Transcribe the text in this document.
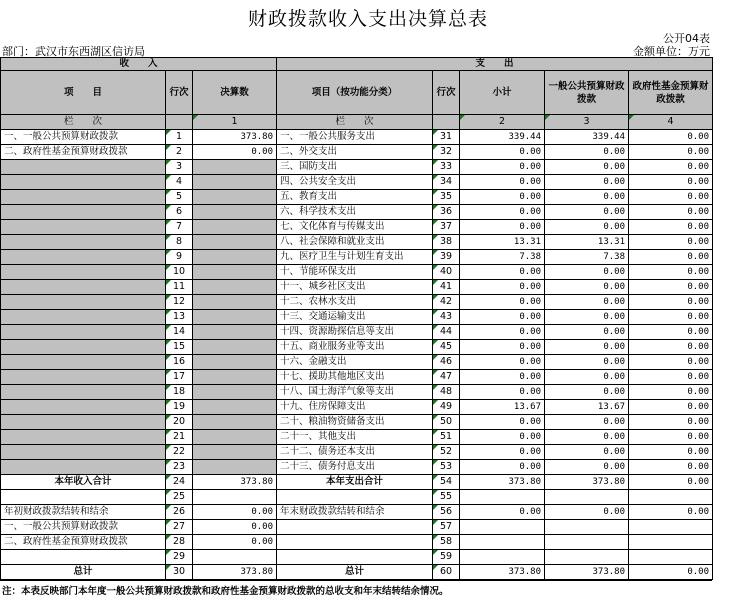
财政拨款收入支出决算总表
公开04表
部门：武汉市东西湖区信访局	金额单位：万元
收　　入			支　　出				
项　　目	行次	决算数	项目（按功能分类）	行次	小计	一般公共预算财政拨款	政府性基金预算财政拨款
栏　　次		1	栏　　次		2	3	4
一、一般公共预算财政拨款	1	373.80	一、一般公共服务支出	31	339.44	339.44	0.00
二、政府性基金预算财政拨款	2	0.00	二、外交支出	32	0.00	0.00	0.00
	3		三、国防支出	33	0.00	0.00	0.00
	4		四、公共安全支出	34	0.00	0.00	0.00
	5		五、教育支出	35	0.00	0.00	0.00
	6		六、科学技术支出	36	0.00	0.00	0.00
	7		七、文化体育与传媒支出	37	0.00	0.00	0.00
	8		八、社会保障和就业支出	38	13.31	13.31	0.00
	9		九、医疗卫生与计划生育支出	39	7.38	7.38	0.00
	10		十、节能环保支出	40	0.00	0.00	0.00
	11		十一、城乡社区支出	41	0.00	0.00	0.00
	12		十二、农林水支出	42	0.00	0.00	0.00
	13		十三、交通运输支出	43	0.00	0.00	0.00
	14		十四、资源勘探信息等支出	44	0.00	0.00	0.00
	15		十五、商业服务业等支出	45	0.00	0.00	0.00
	16		十六、金融支出	46	0.00	0.00	0.00
	17		十七、援助其他地区支出	47	0.00	0.00	0.00
	18		十八、国土海洋气象等支出	48	0.00	0.00	0.00
	19		十九、住房保障支出	49	13.67	13.67	0.00
	20		二十、粮油物资储备支出	50	0.00	0.00	0.00
	21		二十一、其他支出	51	0.00	0.00	0.00
	22		二十二、债务还本支出	52	0.00	0.00	0.00
	23		二十三、债务付息支出	53	0.00	0.00	0.00
本年收入合计	24	373.80	本年支出合计	54	373.80	373.80	0.00
	25			55			
年初财政拨款结转和结余	26	0.00	年末财政拨款结转和结余	56	0.00	0.00	0.00
一、一般公共预算财政拨款	27	0.00		57			
二、政府性基金预算财政拨款	28	0.00		58			
	29			59			
总计	30	373.80	总计	60	373.80	373.80	0.00
注：本表反映部门本年度一般公共预算财政拨款和政府性基金预算财政拨款的总收支和年末结转结余情况。
